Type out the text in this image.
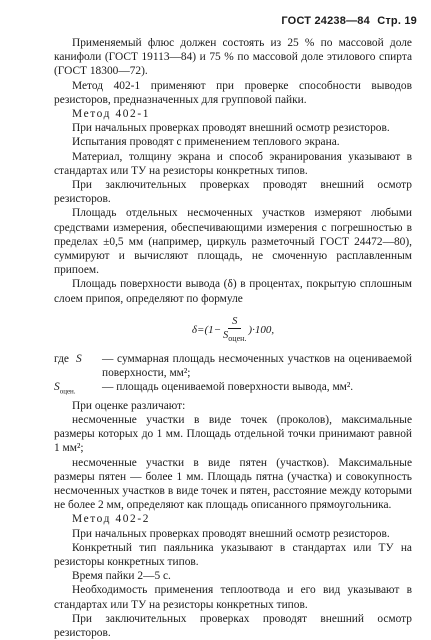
ГОСТ 24238—84 Стр. 19

Применяемый флюс должен состоять из 25 % по массовой доле канифоли (ГОСТ 19113—84) и 75 % по массовой доле этилового спирта (ГОСТ 18300—72).

Метод 402-1 применяют при проверке способности выводов резисторов, предназначенных для групповой пайки.

Метод 402-1

При начальных проверках проводят внешний осмотр резисторов.

Испытания проводят с применением теплового экрана.

Материал, толщину экрана и способ экранирования указывают в стандартах или ТУ на резисторы конкретных типов.

При заключительных проверках проводят внешний осмотр резисторов.

Площадь отдельных несмоченных участков измеряют любыми средствами измерения, обеспечивающими измерения с погрешностью в пределах ±0,5 мм (например, циркуль разметочный ГОСТ 24472—80), суммируют и вычисляют площадь, не смоченную расплавленным припоем.

Площадь поверхности вывода (δ) в процентах, покрытую сплошным слоем припоя, определяют по формуле

$\delta=(1- \frac{S}{S_{оцен.}} )\cdot 100$,
где S	— суммарная площадь несмоченных участков на оцениваемой поверхности, мм²;
$S_{оцен.}$	— площадь оцениваемой поверхности вывода, мм².

При оценке различают:

несмоченные участки в виде точек (проколов), максимальные размеры которых до 1 мм. Площадь отдельной точки принимают равной 1 мм²;

несмоченные участки в виде пятен (участков). Максимальные размеры пятен — более 1 мм. Площадь пятна (участка) и совокупность несмоченных участков в виде точек и пятен, расстояние между которыми не более 2 мм, определяют как площадь описанного прямоугольника.

Метод 402-2

При начальных проверках проводят внешний осмотр резисторов.

Конкретный тип паяльника указывают в стандартах или ТУ на резисторы конкретных типов.

Время пайки 2—5 с.

Необходимость применения теплоотвода и его вид указывают в стандартах или ТУ на резисторы конкретных типов.

При заключительных проверках проводят внешний осмотр резисторов.
